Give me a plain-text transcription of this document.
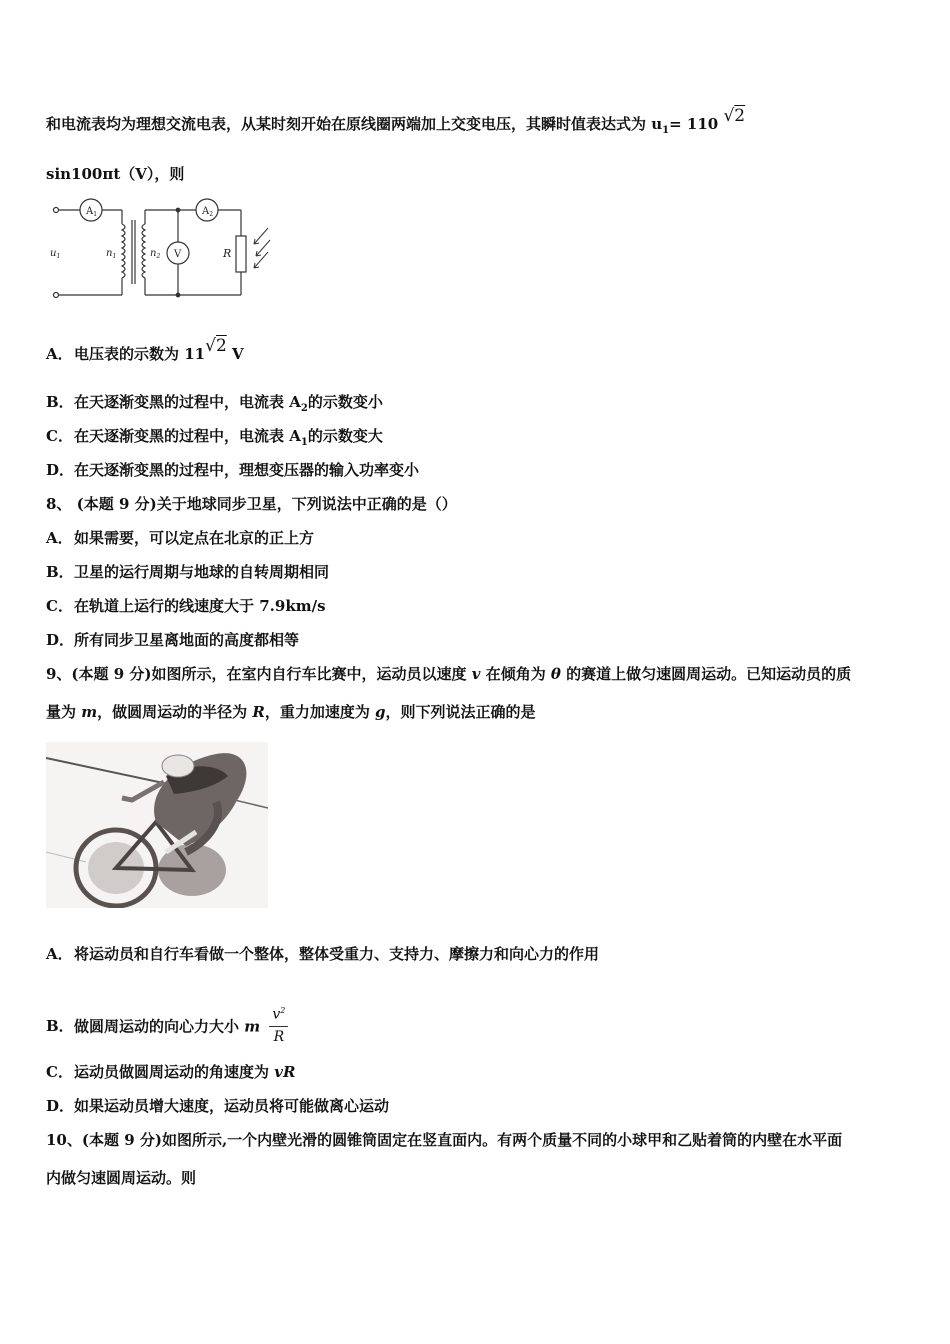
和电流表均为理想交流电表，从某时刻开始在原线圈两端加上交变电压，其瞬时值表达式为 $u_1= 110$ √2
sin100πt（V），则
$A_1$	$A_2$
$u_1$	$n_1$	$n_2$ V	R
A．电压表的示数为 11√2 V
B．在天逐渐变黑的过程中，电流表 $A_2$的示数变小
C．在天逐渐变黑的过程中，电流表 $A_1$的示数变大
D．在天逐渐变黑的过程中，理想变压器的输入功率变小
8、 (本题 9 分)关于地球同步卫星，下列说法中正确的是（）
A．如果需要，可以定点在北京的正上方
B．卫星的运行周期与地球的自转周期相同
C．在轨道上运行的线速度大于 7.9km/s
D．所有同步卫星离地面的高度都相等
9、(本题 9 分)如图所示，在室内自行车比赛中，运动员以速度 v 在倾角为 θ 的赛道上做匀速圆周运动。已知运动员的质
量为 m，做圆周运动的半径为 R，重力加速度为 g，则下列说法正确的是
A．将运动员和自行车看做一个整体，整体受重力、支持力、摩擦力和向心力的作用
B．做圆周运动的向心力大小 m $\frac{v^2}{R}$
C．运动员做圆周运动的角速度为 vR
D．如果运动员增大速度，运动员将可能做离心运动
10、(本题 9 分)如图所示,一个内壁光滑的圆锥筒固定在竖直面内。有两个质量不同的小球甲和乙贴着筒的内壁在水平面
内做匀速圆周运动。则
